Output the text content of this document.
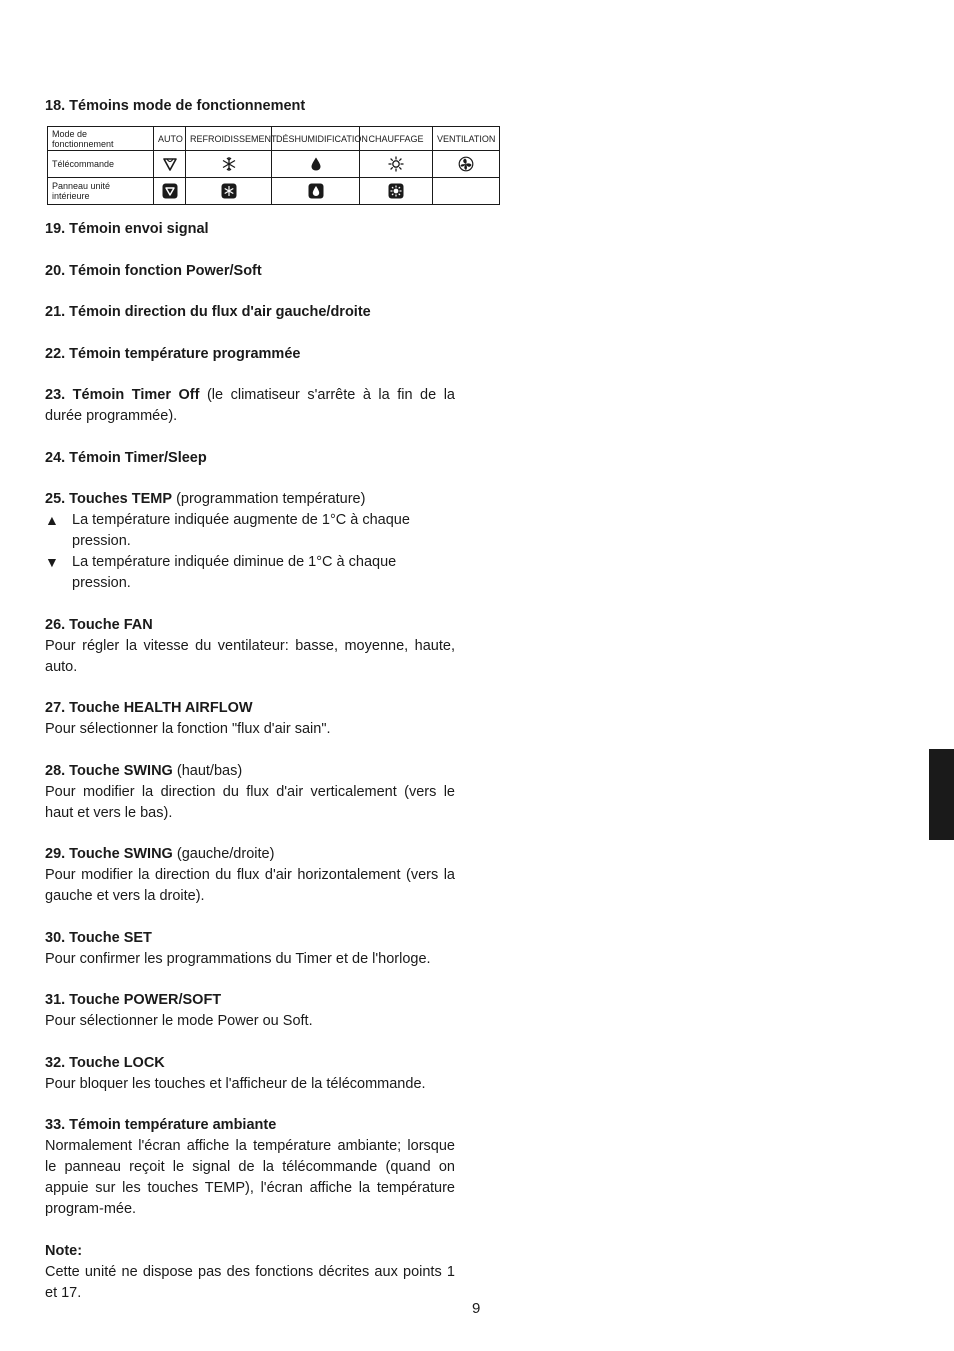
18. Témoins mode de fonctionnement
Mode de fonctionnement	AUTO	REFROIDISSEMENT	DÉSHUMIDIFICATION	CHAUFFAGE	VENTILATION
Télécommande					
Panneau unité intérieure					
19. Témoin envoi signal
20. Témoin fonction Power/Soft
21. Témoin direction du flux d'air gauche/droite
22. Témoin température programmée

23. Témoin Timer Off (le climatiseur s'arrête à la fin de la durée programmée).

24. Témoin Timer/Sleep

25. Touches TEMP (programmation température)

▲ La température indiquée augmente de 1°C à chaque pression.
▼ La température indiquée diminue de 1°C à chaque pression.
26. Touche FAN

Pour régler la vitesse du ventilateur: basse, moyenne, haute, auto.

27. Touche HEALTH AIRFLOW

Pour sélectionner la fonction "flux d'air sain".

28. Touche SWING (haut/bas)

Pour modifier la direction du flux d'air verticalement (vers le haut et vers le bas).

29. Touche SWING (gauche/droite)

Pour modifier la direction du flux d'air horizontalement (vers la gauche et vers la droite).

30. Touche SET

Pour confirmer les programmations du Timer et de l'horloge.

31. Touche POWER/SOFT

Pour sélectionner le mode Power ou Soft.

32. Touche LOCK

Pour bloquer les touches et l'afficheur de la télécommande.

33. Témoin température ambiante

Normalement l'écran affiche la température ambiante; lorsque le panneau reçoit le signal de la télécommande (quand on appuie sur les touches TEMP), l'écran affiche la température program-mée.

Note:

Cette unité ne dispose pas des fonctions décrites aux points 1 et 17.

9
